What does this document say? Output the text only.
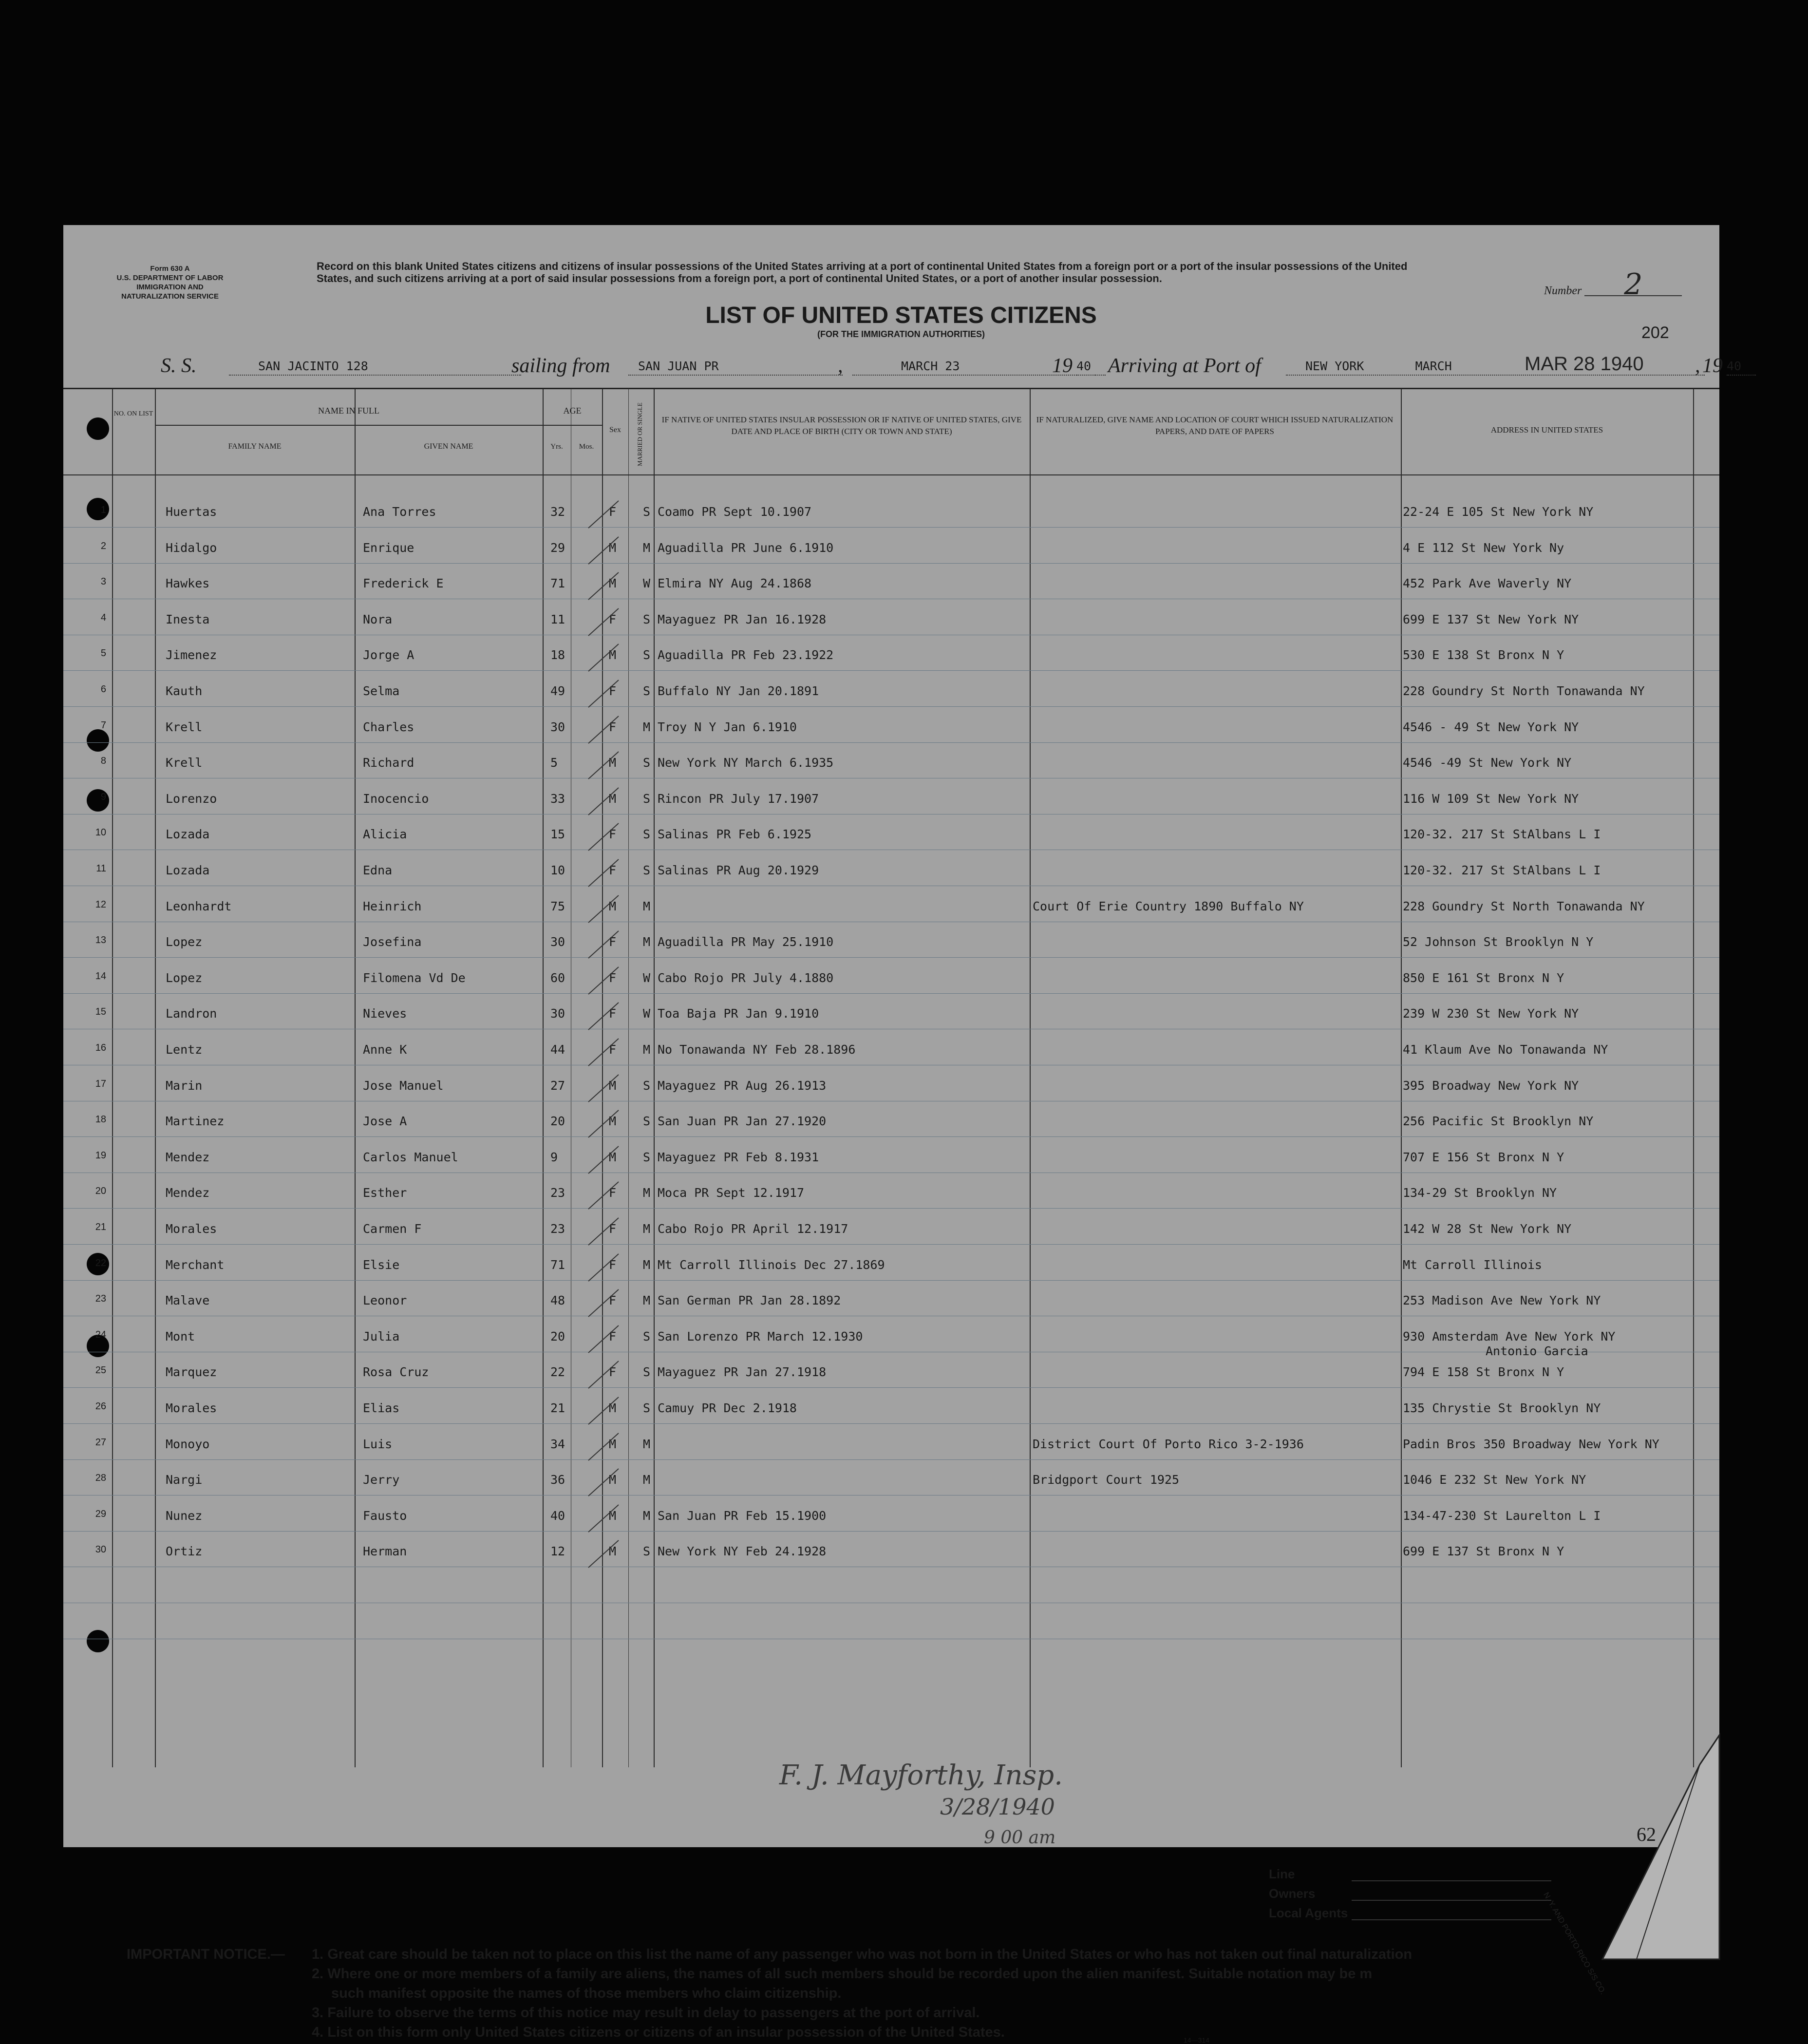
Form 630 A
U.S. DEPARTMENT OF LABOR
IMMIGRATION AND
NATURALIZATION SERVICE
Record on this blank United States citizens and citizens of insular possessions of the United States arriving at a port of continental United States from a foreign port or a port of the insular possessions of the United States, and such citizens arriving at a port of said insular possessions from a foreign port, a port of continental United States, or a port of another insular possession.
Number 2
LIST OF UNITED STATES CITIZENS
(FOR THE IMMIGRATION AUTHORITIES)	202
S. S.	SAN JACINTO 128	sailing from	SAN JUAN PR	,	MARCH 23	19 40 Arriving at Port of	NEW YORK	MARCH	MAR 28 1940	, 19 40
NO. ON LIST	NAME IN FULL
FAMILY NAME	GIVEN NAME
AGE
Yrs.	Mos.
Sex	MARRIED OR SINGLE	IF NATIVE OF UNITED STATES INSULAR POSSESSION OR IF NATIVE OF UNITED STATES, GIVE DATE AND PLACE OF BIRTH (CITY OR TOWN AND STATE)
IF NATURALIZED, GIVE NAME AND LOCATION OF COURT WHICH ISSUED NATURALIZATION PAPERS, AND DATE OF PAPERS	ADDRESS IN UNITED STATES
1	Huertas	Ana Torres	32	F S Coamo PR Sept 10.1907	22-24 E 105 St New York NY
2	Hidalgo	Enrique	29	M M Aguadilla PR June 6.1910	4 E 112 St New York Ny
3	Hawkes	Frederick E	71	M W Elmira NY Aug 24.1868	452 Park Ave Waverly NY
4	Inesta	Nora	11	F S Mayaguez PR Jan 16.1928	699 E 137 St New York NY
5	Jimenez	Jorge A	18	M S Aguadilla PR Feb 23.1922	530 E 138 St Bronx N Y
6	Kauth	Selma	49	F S Buffalo NY Jan 20.1891	228 Goundry St North Tonawanda NY
7	Krell	Charles	30	F M Troy N Y Jan 6.1910	4546 - 49 St New York NY
8	Krell	Richard	5	M S New York NY March 6.1935	4546 -49 St New York NY
9	Lorenzo	Inocencio	33	M S Rincon PR July 17.1907	116 W 109 St New York NY
10	Lozada	Alicia	15	F S Salinas PR Feb 6.1925	120-32. 217 St StAlbans L I
11	Lozada	Edna	10	F S Salinas PR Aug 20.1929	120-32. 217 St StAlbans L I
12	Leonhardt	Heinrich	75	M M	Court Of Erie Country 1890 Buffalo NY	228 Goundry St North Tonawanda NY
13	Lopez	Josefina	30	F M Aguadilla PR May 25.1910	52 Johnson St Brooklyn N Y
14	Lopez	Filomena Vd De	60	F W Cabo Rojo PR July 4.1880	850 E 161 St Bronx N Y
15	Landron	Nieves	30	F W Toa Baja PR Jan 9.1910	239 W 230 St New York NY
16	Lentz	Anne K	44	F M No Tonawanda NY Feb 28.1896	41 Klaum Ave No Tonawanda NY
17	Marin	Jose Manuel	27	M S Mayaguez PR Aug 26.1913	395 Broadway New York NY
18	Martinez	Jose A	20	M S San Juan PR Jan 27.1920	256 Pacific St Brooklyn NY
19	Mendez	Carlos Manuel	9	M S Mayaguez PR Feb 8.1931	707 E 156 St Bronx N Y
20	Mendez	Esther	23	F M Moca PR Sept 12.1917	134-29 St Brooklyn NY
21	Morales	Carmen F	23	F M Cabo Rojo PR April 12.1917	142 W 28 St New York NY
22	Merchant	Elsie	71	F M Mt Carroll Illinois Dec 27.1869	Mt Carroll Illinois
23	Malave	Leonor	48	F M San German PR Jan 28.1892	253 Madison Ave New York NY
24	Mont	Julia	20	F S San Lorenzo PR March 12.1930	930 Amsterdam Ave New York NY
Antonio Garcia
25	Marquez	Rosa Cruz	22	F S Mayaguez PR Jan 27.1918	794 E 158 St Bronx N Y
26	Morales	Elias	21	M S Camuy PR Dec 2.1918	135 Chrystie St Brooklyn NY
27	Monoyo	Luis	34	M M	District Court Of Porto Rico 3-2-1936	Padin Bros 350 Broadway New York NY
28	Nargi	Jerry	36	M M	Bridgport Court 1925	1046 E 232 St New York NY
29	Nunez	Fausto	40	M M San Juan PR Feb 15.1900	134-47-230 St Laurelton L I
30	Ortiz	Herman	12	M S New York NY Feb 24.1928	699 E 137 St Bronx N Y
F. J. Mayforthy, Insp.
3/28/1940
9 00 am	62
Line
Owners
Local Agents	N. Y. AND PORTO RICO S/S CO.
IMPORTANT NOTICE.— 1. Great care should be taken not to place on this list the name of any passenger who was not born in the United States or who has not taken out final naturalization
2. Where one or more members of a family are aliens, the names of all such members should be recorded upon the alien manifest. Suitable notation may be m
such manifest opposite the names of those members who claim citizenship.
3. Failure to observe the terms of this notice may result in delay to passengers at the port of arrival.
4. List on this form only United States citizens or citizens of an insular possession of the United States.	14—314
